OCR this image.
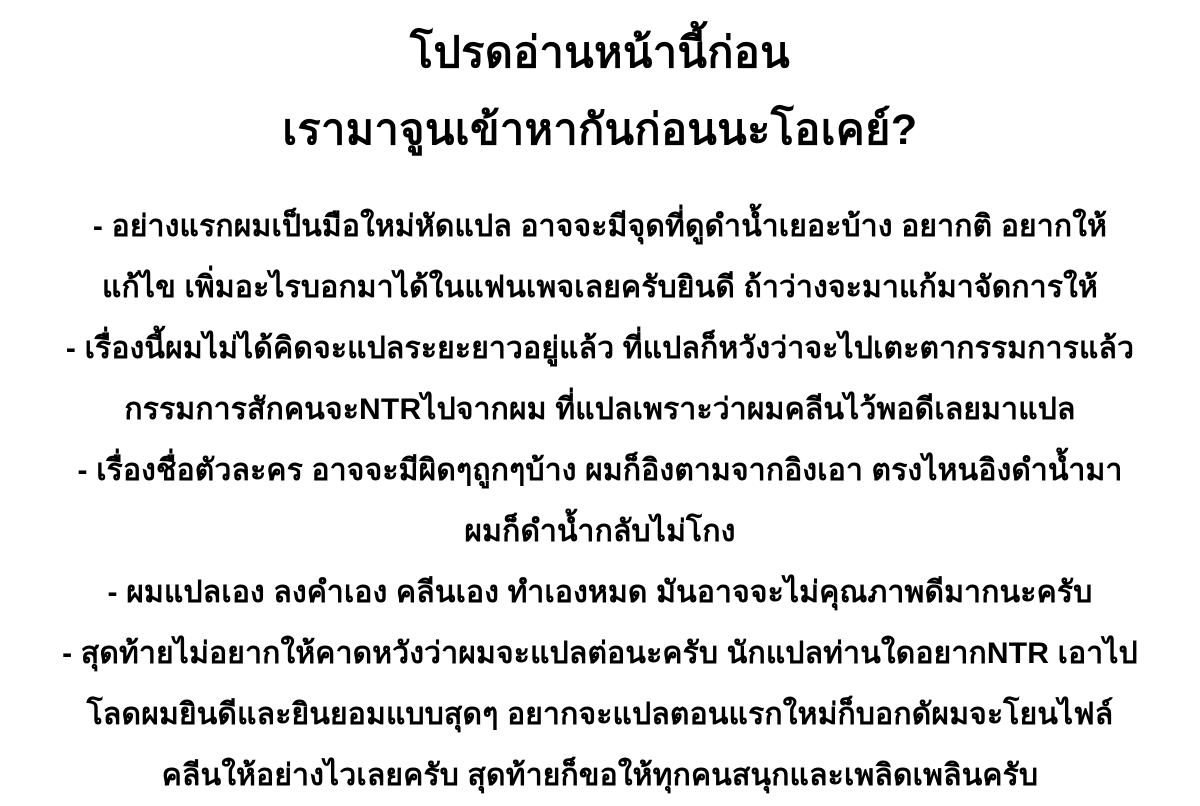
โปรดอ่านหน้านี้ก่อน
เรามาจูนเข้าหากันก่อนนะโอเคย์?
- อย่างแรกผมเป็นมือใหม่หัดแปล อาจจะมีจุดที่ดูดำน้ำเยอะบ้าง อยากติ อยากให้
แก้ไข เพิ่มอะไรบอกมาได้ในแฟนเพจเลยครับยินดี ถ้าว่างจะมาแก้มาจัดการให้
- เรื่องนี้ผมไม่ได้คิดจะแปลระยะยาวอยู่แล้ว ที่แปลก็หวังว่าจะไปเตะตากรรมการแล้ว
กรรมการสักคนจะNTRไปจากผม ที่แปลเพราะว่าผมคลีนไว้พอดีเลยมาแปล
- เรื่องชื่อตัวละคร อาจจะมีผิดๆถูกๆบ้าง ผมก็อิงตามจากอิงเอา ตรงไหนอิงดำน้ำมา
ผมก็ดำน้ำกลับไม่โกง
- ผมแปลเอง ลงคำเอง คลีนเอง ทำเองหมด มันอาจจะไม่คุณภาพดีมากนะครับ
- สุดท้ายไม่อยากให้คาดหวังว่าผมจะแปลต่อนะครับ นักแปลท่านใดอยากNTR เอาไป
โลดผมยินดีและยินยอมแบบสุดๆ อยากจะแปลตอนแรกใหม่ก็บอกดัผมจะโยนไฟล์
คลีนให้อย่างไวเลยครับ สุดท้ายก็ขอให้ทุกคนสนุกและเพลิดเพลินครับ
